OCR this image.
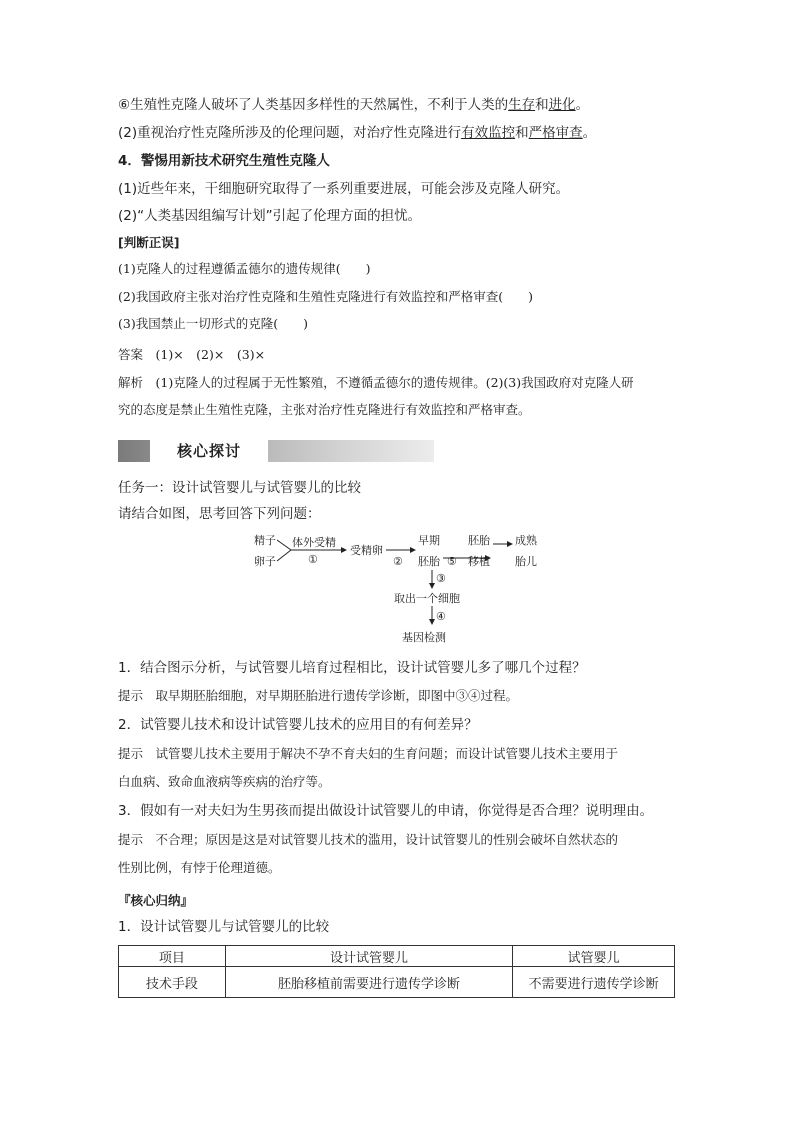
⑥生殖性克隆人破坏了人类基因多样性的天然属性，不利于人类的生存和进化。
(2)重视治疗性克隆所涉及的伦理问题，对治疗性克隆进行有效监控和严格审查。
4．警惕用新技术研究生殖性克隆人
(1)近些年来，干细胞研究取得了一系列重要进展，可能会涉及克隆人研究。
(2)“人类基因组编写计划”引起了伦理方面的担忧。
[判断正误]
(1)克隆人的过程遵循孟德尔的遗传规律(　　)
(2)我国政府主张对治疗性克隆和生殖性克隆进行有效监控和严格审查(　　)
(3)我国禁止一切形式的克隆(　　)
答案　(1)×　(2)×　(3)×
解析　(1)克隆人的过程属于无性繁殖，不遵循孟德尔的遗传规律。(2)(3)我国政府对克隆人研
究的态度是禁止生殖性克隆，主张对治疗性克隆进行有效监控和严格审查。
核心探讨
任务一：设计试管婴儿与试管婴儿的比较
请结合如图，思考回答下列问题：
精子
卵子
体外受精
①
受精卵
②
早期
胚胎 ⑤
胚胎
移植
成熟
胎儿
③
取出一个细胞
④
基因检测
1．结合图示分析，与试管婴儿培育过程相比，设计试管婴儿多了哪几个过程？
提示　取早期胚胎细胞，对早期胚胎进行遗传学诊断，即图中③④过程。
2．试管婴儿技术和设计试管婴儿技术的应用目的有何差异？
提示　试管婴儿技术主要用于解决不孕不育夫妇的生育问题；而设计试管婴儿技术主要用于
白血病、致命血液病等疾病的治疗等。
3．假如有一对夫妇为生男孩而提出做设计试管婴儿的申请，你觉得是否合理？说明理由。
提示　不合理；原因是这是对试管婴儿技术的滥用，设计试管婴儿的性别会破坏自然状态的
性别比例，有悖于伦理道德。
『核心归纳』
1．设计试管婴儿与试管婴儿的比较
项目	设计试管婴儿	试管婴儿
技术手段	胚胎移植前需要进行遗传学诊断	不需要进行遗传学诊断
